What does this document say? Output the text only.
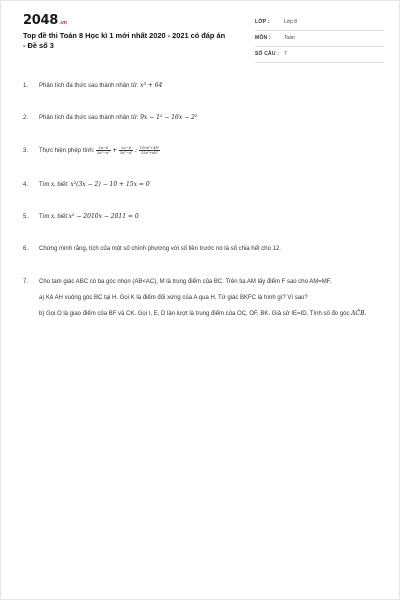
2048.vn
Top đề thi Toán 8 Học kì 1 mới nhất 2020 - 2021 có đáp án - Đề số 3
LỚP :	Lớp 8
MÔN :	Toán
SỐ CÂU : 7
1.	Phân tích đa thức sau thành nhân tử: x³ + 64
2.	Phân tích đa thức sau thành nhân tử: 9x − 1² − 16x − 2²
3.	Thực hiện phép tính: $\frac{3a-6}{\text{5a²−a²}} + \frac{5a-6}{\text{5a²−a²}}$ : $\frac{\text{100a²+4b²}}{\text{25a²+ab²}}$
4.	Tìm x, biết: x²(3x − 2) − 10 + 15x = 0
5.	Tìm x, biết:x² − 2010x − 2011 = 0
6.	Chứng minh rằng, tích của một số chính phương với số liền trước nó là số chia hết cho 12.
7.	Cho tam giác ABC có ba góc nhọn (AB<AC), M là trung điểm của BC. Trên tia AM lấy điểm F sao cho AM=MF.
a) Kẻ AH vuông góc BC tại H. Gọi K là điểm đối xứng của A qua H. Tứ giác BKFC là hình gì? Vì sao?
b) Gọi O là giao điểm của BF và CK. Gọi I, E, D lần lượt là trung điểm của OC, OF, BK. Giả sử IE=ID. Tính số đo góc AĈB.
